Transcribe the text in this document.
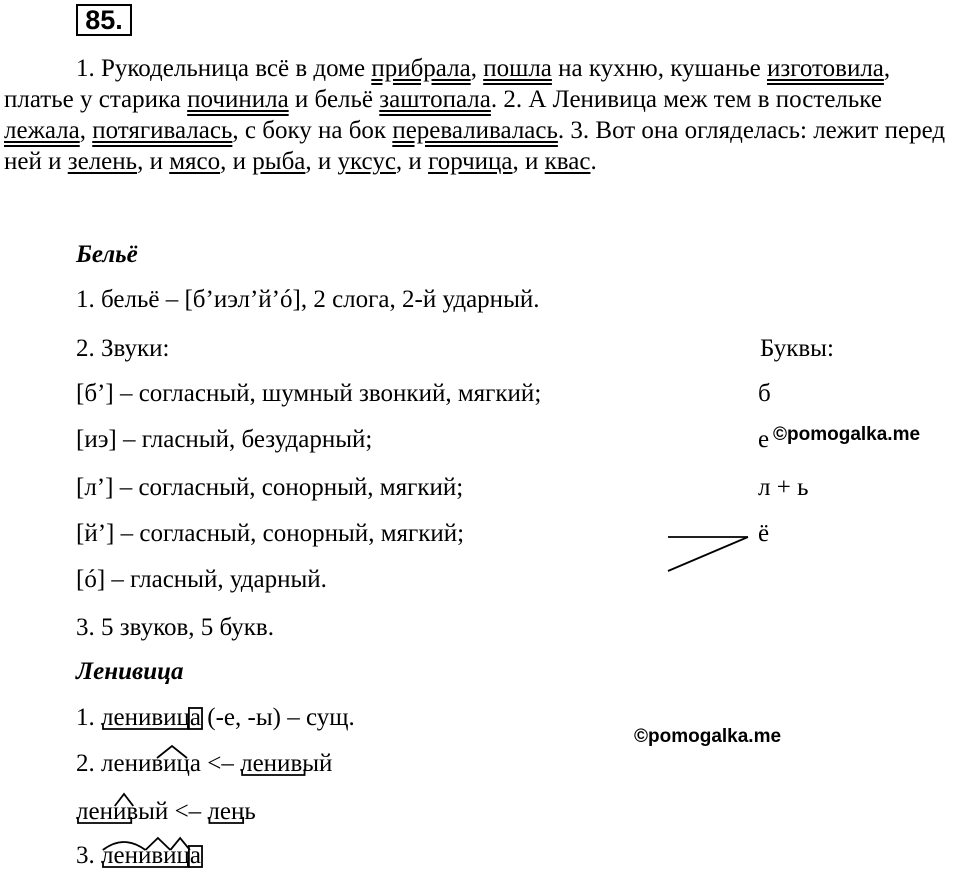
85.
1. Рукодельница всё в доме прибрала, пошла на кухню, кушанье изготовила, платье у старика починила и бельё заштопала. 2. А Ленивица меж тем в постельке лежала, потягивалась, с боку на бок переваливалась. 3. Вот она огляделась: лежит перед ней и зелень, и мясо, и рыба, и уксус, и горчица, и квас.
Бельё
1. бельё – [б’иэл’й’ó], 2 слога, 2-й ударный.
2. Звуки:	Буквы:
[б’] – согласный, шумный звонкий, мягкий;	б
[иэ] – гласный, безударный;	е ©pomogalka.me
[л’] – согласный, сонорный, мягкий;	л + ь
[й’] – согласный, сонорный, мягкий;	ё
[ó] – гласный, ударный.
3. 5 звуков, 5 букв.
Ленивица
1. ленивица (-е, -ы) – сущ.
2. ленивица <– ленивый
ленивый <– лень
3. ленивица
©pomogalka.me
